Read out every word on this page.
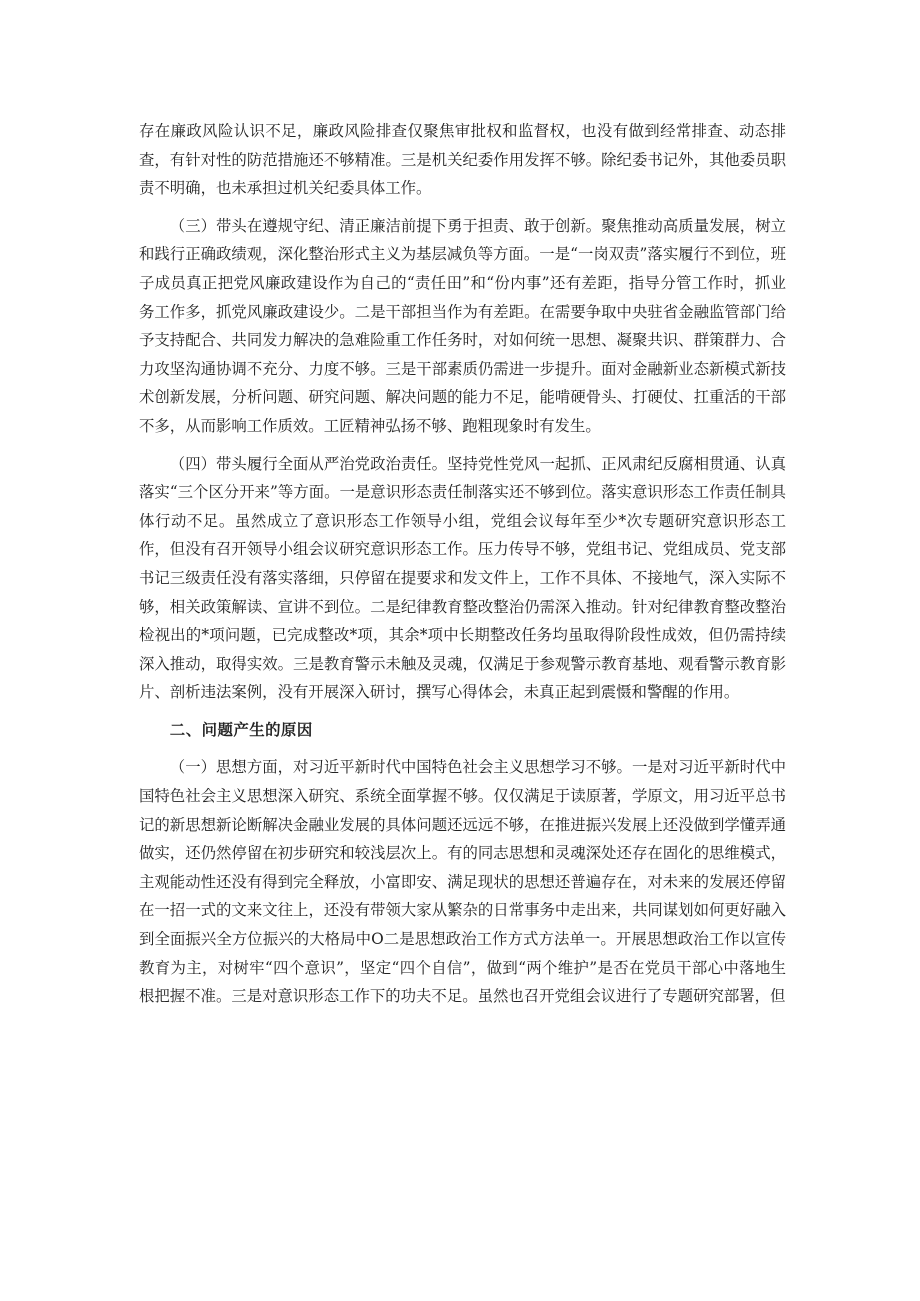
存在廉政风险认识不足，廉政风险排查仅聚焦审批权和监督权，也没有做到经常排查、动态排查，有针对性的防范措施还不够精准。三是机关纪委作用发挥不够。除纪委书记外，其他委员职责不明确，也未承担过机关纪委具体工作。

（三）带头在遵规守纪、清正廉洁前提下勇于担责、敢于创新。聚焦推动高质量发展，树立和践行正确政绩观，深化整治形式主义为基层减负等方面。一是“一岗双责”落实履行不到位，班子成员真正把党风廉政建设作为自己的“责任田”和“份内事”还有差距，指导分管工作时，抓业务工作多，抓党风廉政建设少。二是干部担当作为有差距。在需要争取中央驻省金融监管部门给予支持配合、共同发力解决的急难险重工作任务时，对如何统一思想、凝聚共识、群策群力、合力攻坚沟通协调不充分、力度不够。三是干部素质仍需进一步提升。面对金融新业态新模式新技术创新发展，分析问题、研究问题、解决问题的能力不足，能啃硬骨头、打硬仗、扛重活的干部不多，从而影响工作质效。工匠精神弘扬不够、跑粗现象时有发生。

（四）带头履行全面从严治党政治责任。坚持党性党风一起抓、正风肃纪反腐相贯通、认真落实“三个区分开来”等方面。一是意识形态责任制落实还不够到位。落实意识形态工作责任制具体行动不足。虽然成立了意识形态工作领导小组，党组会议每年至少*次专题研究意识形态工作，但没有召开领导小组会议研究意识形态工作。压力传导不够，党组书记、党组成员、党支部书记三级责任没有落实落细，只停留在提要求和发文件上，工作不具体、不接地气，深入实际不够，相关政策解读、宣讲不到位。二是纪律教育整改整治仍需深入推动。针对纪律教育整改整治检视出的*项问题，已完成整改*项，其余*项中长期整改任务均虽取得阶段性成效，但仍需持续深入推动，取得实效。三是教育警示未触及灵魂，仅满足于参观警示教育基地、观看警示教育影片、剖析违法案例，没有开展深入研讨，撰写心得体会，未真正起到震慑和警醒的作用。

二、问题产生的原因

（一）思想方面，对习近平新时代中国特色社会主义思想学习不够。一是对习近平新时代中国特色社会主义思想深入研究、系统全面掌握不够。仅仅满足于读原著，学原文，用习近平总书记的新思想新论断解决金融业发展的具体问题还远远不够，在推进振兴发展上还没做到学懂弄通做实，还仍然停留在初步研究和较浅层次上。有的同志思想和灵魂深处还存在固化的思维模式，主观能动性还没有得到完全释放，小富即安、满足现状的思想还普遍存在，对未来的发展还停留在一招一式的文来文往上，还没有带领大家从繁杂的日常事务中走出来，共同谋划如何更好融入到全面振兴全方位振兴的大格局中O二是思想政治工作方式方法单一。开展思想政治工作以宣传教育为主，对树牢“四个意识”，坚定“四个自信”，做到“两个维护”是否在党员干部心中落地生根把握不准。三是对意识形态工作下的功夫不足。虽然也召开党组会议进行了专题研究部署，但
